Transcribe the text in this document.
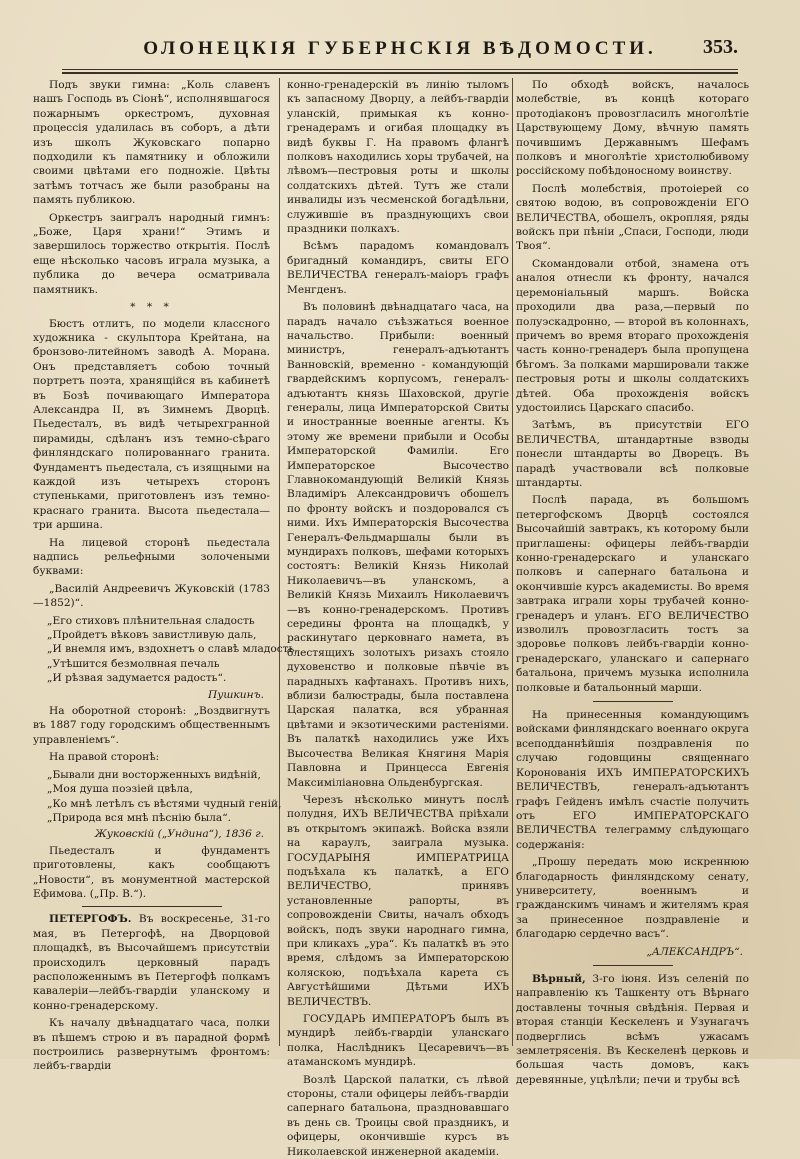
ОЛОНЕЦКІЯ ГУБЕРНСКІЯ ВѢДОМОСТИ.	353.

Подъ звуки гимна: „Коль славенъ нашъ Господь въ Сіонѣ“, исполнявшагося пожарнымъ оркестромъ, духовная процессія удалилась въ соборъ, а дѣти изъ школъ Жуковскаго попарно подходили къ памятнику и обложили своими цвѣтами его подножіе. Цвѣты затѣмъ тотчасъ же были разобраны на память публикою.

Оркестръ заигралъ народный гимнъ: „Боже, Царя храни!“ Этимъ и завершилось торжество открытія. Послѣ еще нѣсколько часовъ играла музыка, а публика до вечера осматривала памятникъ.

* * *

Бюстъ отлитъ, по модели классного художника - скульптора Крейтана, на бронзово-литейномъ заводѣ А. Морана. Онъ представляетъ собою точный портретъ поэта, хранящійся въ кабинетѣ въ Бозѣ почивающаго Императора Александра II, въ Зимнемъ Дворцѣ. Пьедесталъ, въ видѣ четырехгранной пирамиды, сдѣланъ изъ темно-сѣраго финляндскаго полированнаго гранита. Фундаментъ пьедестала, съ изящными на каждой изъ четырехъ сторонъ ступеньками, приготовленъ изъ темно-краснаго гранита. Высота пьедестала—три аршина.

На лицевой сторонѣ пьедестала надпись рельефными золочеными буквами:

„Василій Андреевичъ Жуковскій (1783—1852)“.

„Его стиховъ плѣнительная сладость
„Пройдетъ вѣковъ завистливую даль,
„И внемля имъ, вздохнетъ о славѣ младость,
„Утѣшится безмолвная печаль
„И рѣзвая задумается радость“.
Пушкинъ.

На оборотной сторонѣ: „Воздвигнутъ въ 1887 году городскимъ общественнымъ управленіемъ“.

На правой сторонѣ:

„Бывали дни восторженныхъ видѣній,
„Моя душа поэзіей цвѣла,
„Ко мнѣ летѣлъ съ вѣстями чудный геній,
„Природа вся мнѣ пѣснію была“.
Жуковскій („Ундина“), 1836 г.

Пьедесталъ и фундаментъ приготовлены, какъ сообщаютъ „Новости“, въ монументной мастерской Ефимова. („Пр. В.“).

ПЕТЕРГОФЪ. Въ воскресенье, 31-го мая, въ Петергофѣ, на Дворцовой площадкѣ, въ Высочайшемъ присутствіи происходилъ церковный парадъ расположеннымъ въ Петергофѣ полкамъ кавалеріи—лейбъ-гвардіи уланскому и конно-гренадерскому.

Къ началу двѣнадцатаго часа, полки въ пѣшемъ строю и въ парадной формѣ построились развернутымъ фронтомъ: лейбъ-гвардіи

конно-гренадерскій въ линію тыломъ къ запасному Дворцу, а лейбъ-гвардіи уланскій, примыкая къ конно-гренадерамъ и огибая площадку въ видѣ буквы Г. На правомъ флангѣ полковъ находились хоры трубачей, на лѣвомъ—пестровыя роты и школы солдатскихъ дѣтей. Тутъ же стали инвалиды изъ чесменской богадѣльни, служившіе въ празднующихъ свои праздники полкахъ.

Всѣмъ парадомъ командовалъ бригадный командиръ, свиты ЕГО ВЕЛИЧЕСТВА генералъ-маіоръ графъ Менгденъ.

Въ половинѣ двѣнадцатаго часа, на парадъ начало съѣзжаться военное начальство. Прибыли: военный министръ, генералъ-адъютантъ Ванновскій, временно - командующій гвардейскимъ корпусомъ, генералъ-адъютантъ князь Шаховской, другіе генералы, лица Императорской Свиты и иностранные военные агенты. Къ этому же времени прибыли и Особы Императорской Фамиліи. Его Императорское Высочество Главнокомандующій Великій Князь Владиміръ Александровичъ обошелъ по фронту войскъ и поздоровался съ ними. Ихъ Императорскія Высочества Генералъ-Фельдмаршалы были въ мундирахъ полковъ, шефами которыхъ состоятъ: Великій Князь Николай Николаевичъ—въ уланскомъ, а Великій Князь Михаилъ Николаевичъ—въ конно-гренадерскомъ. Противъ середины фронта на площадкѣ, у раскинутаго церковнаго намета, въ блестящихъ золотыхъ ризахъ стояло духовенство и полковые пѣвчіе въ парадныхъ кафтанахъ. Противъ нихъ, вблизи балюстрады, была поставлена Царская палатка, вся убранная цвѣтами и экзотическими растеніями. Въ палаткѣ находились уже Ихъ Высочества Великая Княгиня Марія Павловна и Принцесса Евгенія Максиміліановна Ольденбургская.

Черезъ нѣсколько минутъ послѣ полудня, ИХЪ ВЕЛИЧЕСТВА пріѣхали въ открытомъ экипажѣ. Войска взяли на караулъ, заиграла музыка. ГОСУДАРЫНЯ ИМПЕРАТРИЦА подъѣхала къ палаткѣ, а ЕГО ВЕЛИЧЕСТВО, принявъ установленные рапорты, въ сопровожденіи Свиты, началъ обходъ войскъ, подъ звуки народнаго гимна, при кликахъ „ура“. Къ палаткѣ въ это время, слѣдомъ за Императорскою коляскою, подъѣхала карета съ Августѣйшими Дѣтьми ИХЪ ВЕЛИЧЕСТВЪ.

ГОСУДАРЬ ИМПЕРАТОРЪ былъ въ мундирѣ лейбъ-гвардіи уланскаго полка, Наслѣдникъ Цесаревичъ—въ атаманскомъ мундирѣ.

Возлѣ Царской палатки, съ лѣвой стороны, стали офицеры лейбъ-гвардіи сапернаго батальона, праздновавшаго въ день св. Троицы свой праздникъ, и офицеры, окончившіе курсъ въ Николаевской инженерной академіи.

По обходѣ войскъ, началось молебствіе, въ концѣ котораго протодіаконъ провозгласилъ многолѣтіе Царствующему Дому, вѣчную память почившимъ Державнымъ Шефамъ полковъ и многолѣтіе христолюбивому россійскому побѣдоносному воинству.

Послѣ молебствія, протоіерей со святою водою, въ сопровожденіи ЕГО ВЕЛИЧЕСТВА, обошелъ, окропляя, ряды войскъ при пѣніи „Спаси, Господи, люди Твоя“.

Скомандовали отбой, знамена отъ аналоя отнесли къ фронту, начался церемоніальный маршъ. Войска проходили два раза,—первый по полуэскадронно, — второй въ колоннахъ, причемъ во время втораго прохожденія часть конно-гренадеръ была пропущена бѣгомъ. За полками маршировали также пестровыя роты и школы солдатскихъ дѣтей. Оба прохожденія войскъ удостоились Царскаго спасибо.

Затѣмъ, въ присутствіи ЕГО ВЕЛИЧЕСТВА, штандартные взводы понесли штандарты во Дворецъ. Въ парадѣ участвовали всѣ полковые штандарты.

Послѣ парада, въ большомъ петергофскомъ Дворцѣ состоялся Высочайшій завтракъ, къ которому были приглашены: офицеры лейбъ-гвардіи конно-гренадерскаго и уланскаго полковъ и сапернаго батальона и окончившіе курсъ академисты. Во время завтрака играли хоры трубачей конно-гренадеръ и уланъ. ЕГО ВЕЛИЧЕСТВО изволилъ провозгласить тостъ за здоровье полковъ лейбъ-гвардіи конно-гренадерскаго, уланскаго и сапернаго батальона, причемъ музыка исполнила полковые и батальонный марши.

На принесенныя командующимъ войсками финляндскаго военнаго округа всеподданнѣйшія поздравленія по случаю годовщины священнаго Коронованія ИХЪ ИМПЕРАТОРСКИХЪ ВЕЛИЧЕСТВЪ, генералъ-адъютантъ графъ Гейденъ имѣлъ счастіе получить отъ ЕГО ИМПЕРАТОРСКАГО ВЕЛИЧЕСТВА телеграмму слѣдующаго содержанія:

„Прошу передать мою искреннюю благодарность финляндскому сенату, университету, военнымъ и гражданскимъ чинамъ и жителямъ края за принесенное поздравленіе и благодарю сердечно васъ“.

„АЛЕКСАНДРЪ“.

Вѣрный, 3-го іюня. Изъ селеній по направленію къ Ташкенту отъ Вѣрнаго доставлены точныя свѣдѣнія. Первая и вторая станціи Кескеленъ и Узунагачъ подверглись всѣмъ ужасамъ землетрясенія. Въ Кескеленѣ церковь и большая часть домовъ, какъ деревянные, уцѣлѣли; печи и трубы всѣ
